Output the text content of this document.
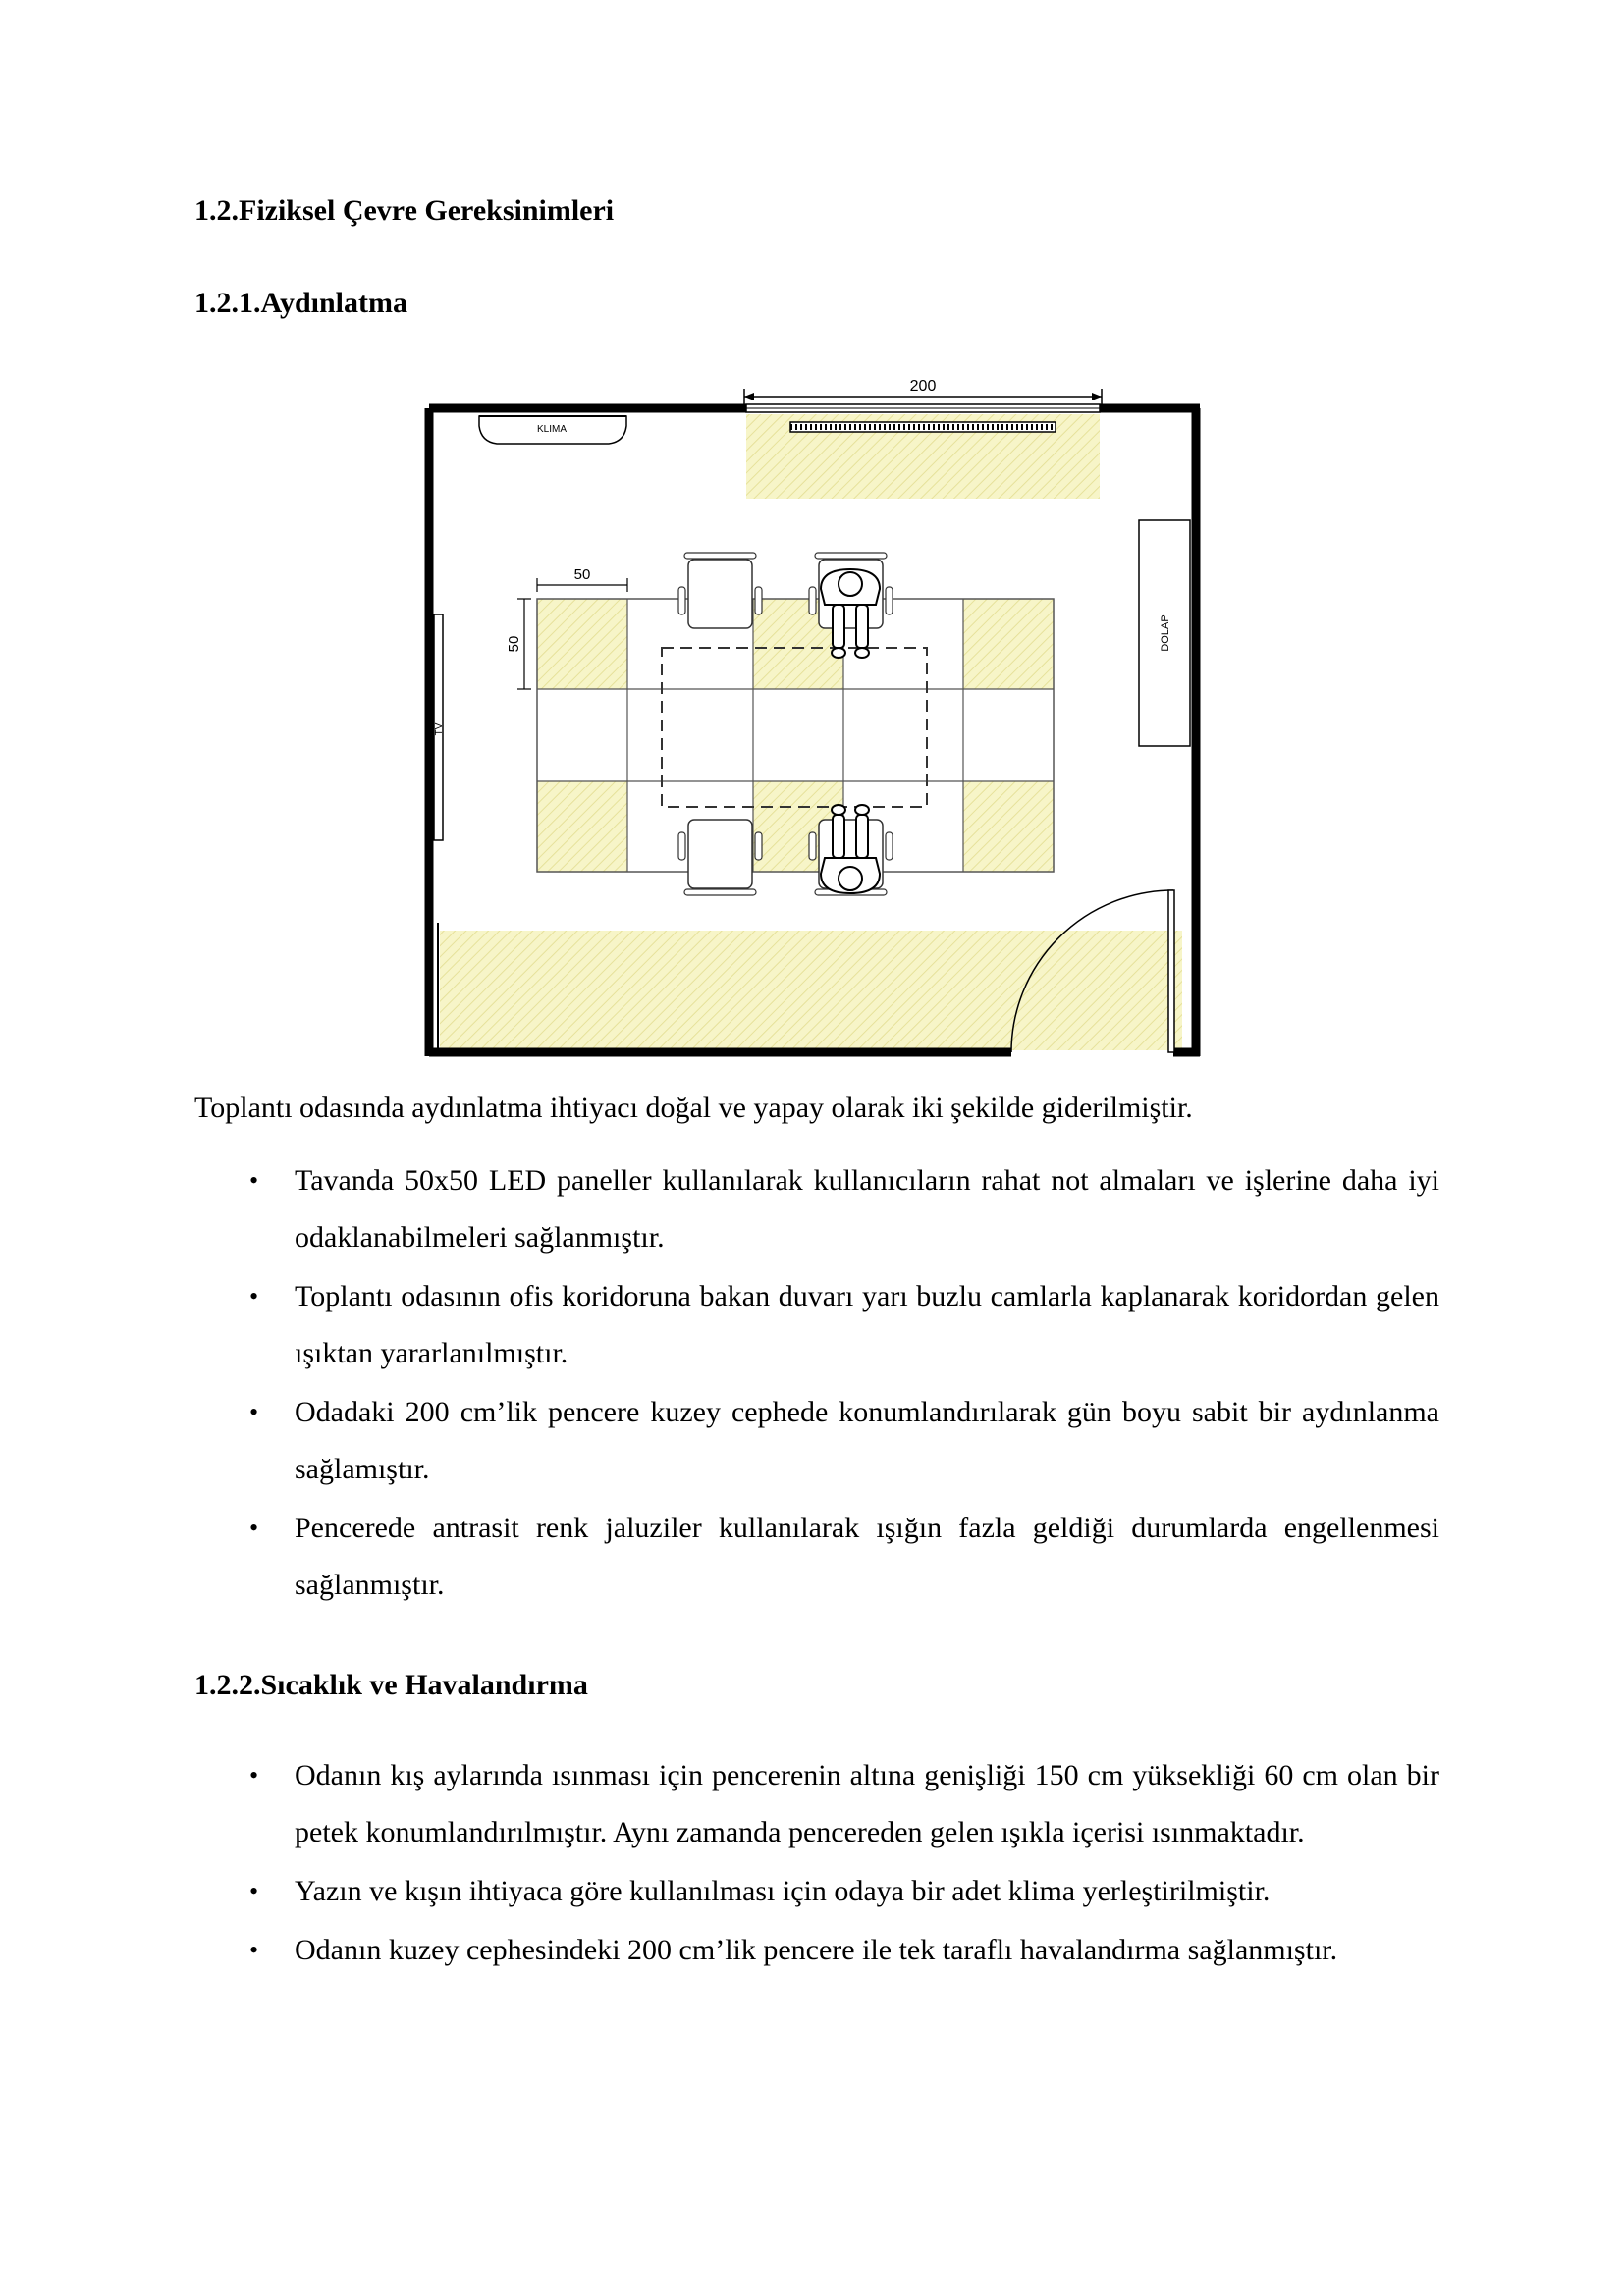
1.2.Fiziksel Çevre Gereksinimleri
1.2.1.Aydınlatma
200
KLIMA
TV
DOLAP
50
50

Toplantı odasında aydınlatma ihtiyacı doğal ve yapay olarak iki şekilde giderilmiştir.

• Tavanda 50x50 LED paneller kullanılarak kullanıcıların rahat not almaları ve işlerine daha iyi odaklanabilmeleri sağlanmıştır.
• Toplantı odasının ofis koridoruna bakan duvarı yarı buzlu camlarla kaplanarak koridordan gelen ışıktan yararlanılmıştır.
• Odadaki 200 cm’lik pencere kuzey cephede konumlandırılarak gün boyu sabit bir aydınlanma sağlamıştır.
• Pencerede antrasit renk jaluziler kullanılarak ışığın fazla geldiği durumlarda engellenmesi sağlanmıştır.
1.2.2.Sıcaklık ve Havalandırma
• Odanın kış aylarında ısınması için pencerenin altına genişliği 150 cm yüksekliği 60 cm olan bir petek konumlandırılmıştır. Aynı zamanda pencereden gelen ışıkla içerisi ısınmaktadır.
• Yazın ve kışın ihtiyaca göre kullanılması için odaya bir adet klima yerleştirilmiştir.
• Odanın kuzey cephesindeki 200 cm’lik pencere ile tek taraflı havalandırma sağlanmıştır.
